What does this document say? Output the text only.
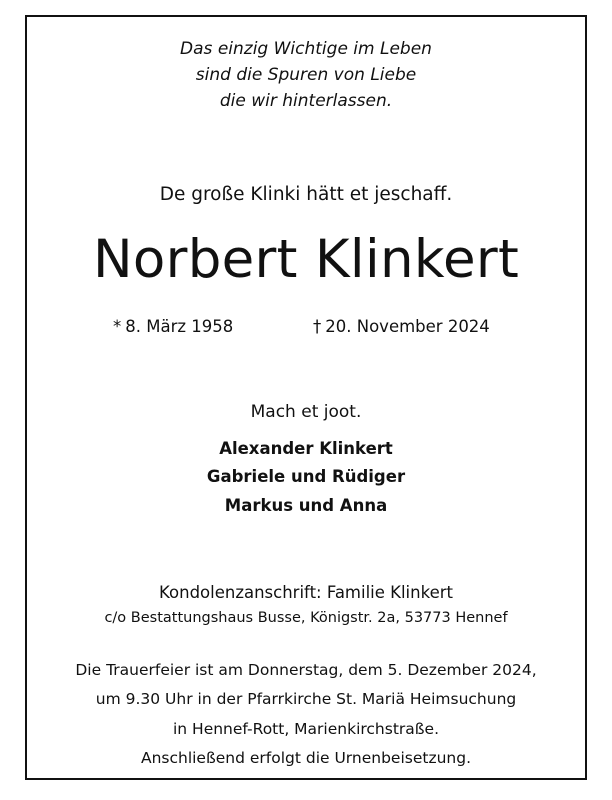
Das einzig Wichtige im Leben
sind die Spuren von Liebe
die wir hinterlassen.
De große Klinki hätt et jeschaff.
Norbert Klinkert
* 8. März 1958	† 20. November 2024
Mach et joot.
Alexander Klinkert
Gabriele und Rüdiger
Markus und Anna
Kondolenzanschrift: Familie Klinkert
c/o Bestattungshaus Busse, Königstr. 2a, 53773 Hennef
Die Trauerfeier ist am Donnerstag, dem 5. Dezember 2024,
um 9.30 Uhr in der Pfarrkirche St. Mariä Heimsuchung
in Hennef-Rott, Marienkirchstraße.
Anschließend erfolgt die Urnenbeisetzung.
